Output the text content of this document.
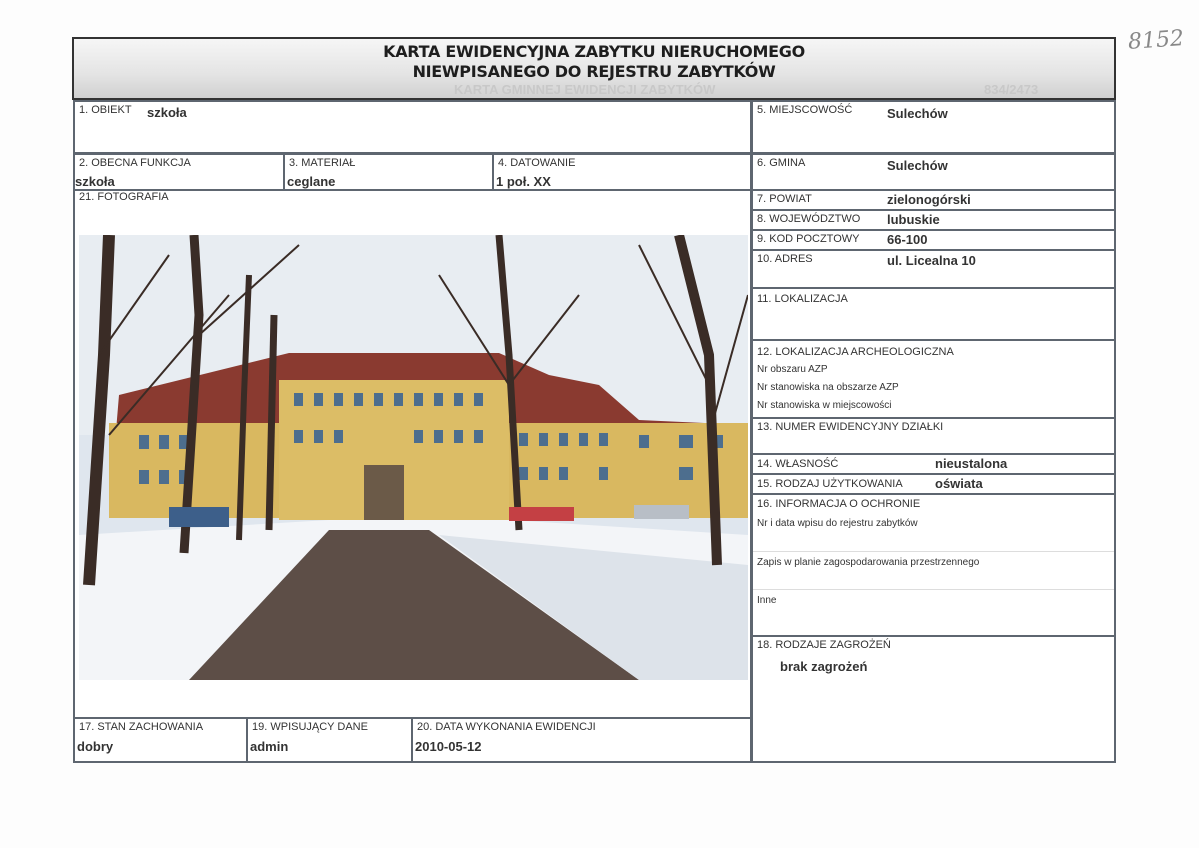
8152
KARTA EWIDENCYJNA ZABYTKU NIERUCHOMEGO
NIEWPISANEGO DO REJESTRU ZABYTKÓW
KARTA GMINNEJ EWIDENCJI ZABYTKÓW	834/2473
1. OBIEKT szkoła
2. OBECNA FUNKCJA
szkoła
3. MATERIAŁ
ceglane
4. DATOWANIE
1 poł. XX
21. FOTOGRAFIA
17. STAN ZACHOWANIA
dobry
19. WPISUJĄCY DANE
admin
20. DATA WYKONANIA EWIDENCJI
2010-05-12
5. MIEJSCOWOŚĆ	Sulechów
6. GMINA	Sulechów
7. POWIAT	zielonogórski
8. WOJEWÓDZTWO lubuskie
9. KOD POCZTOWY 66-100
10. ADRES	ul. Licealna 10
11. LOKALIZACJA
12. LOKALIZACJA ARCHEOLOGICZNA
Nr obszaru AZP
Nr stanowiska na obszarze AZP
Nr stanowiska w miejscowości
13. NUMER EWIDENCYJNY DZIAŁKI
14. WŁASNOŚĆ	nieustalona
15. RODZAJ UŻYTKOWANIA oświata
16. INFORMACJA O OCHRONIE
Nr i data wpisu do rejestru zabytków
Zapis w planie zagospodarowania przestrzennego
Inne
18. RODZAJE ZAGROŻEŃ
brak zagrożeń
